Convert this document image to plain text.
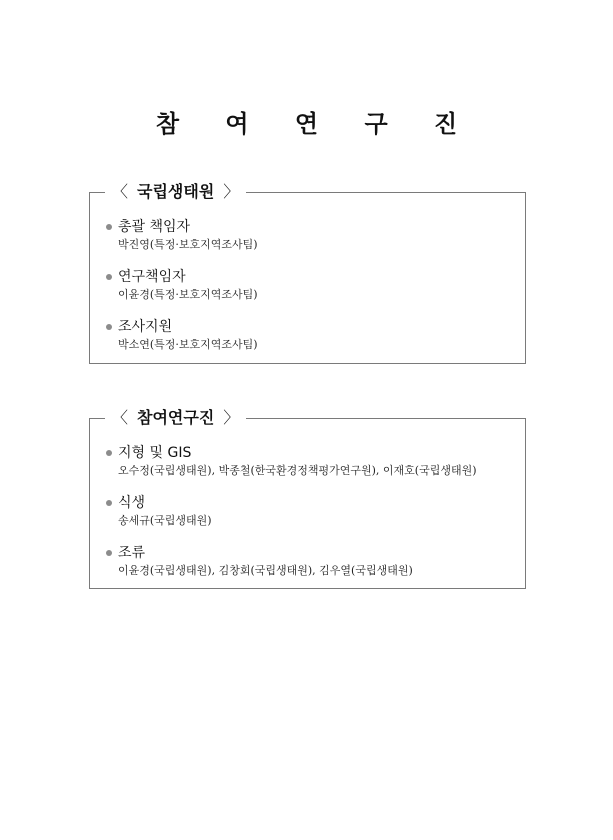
참 여 연 구 진
〈 국립생태원 〉
총괄 책임자
박진영(특정·보호지역조사팀)
연구책임자
이윤경(특정·보호지역조사팀)
조사지원
박소연(특정·보호지역조사팀)
〈 참여연구진 〉
지형 및 GIS
오수정(국립생태원), 박종철(한국환경정책평가연구원), 이재호(국립생태원)
식생
송세규(국립생태원)
조류
이윤경(국립생태원), 김창회(국립생태원), 김우열(국립생태원)
